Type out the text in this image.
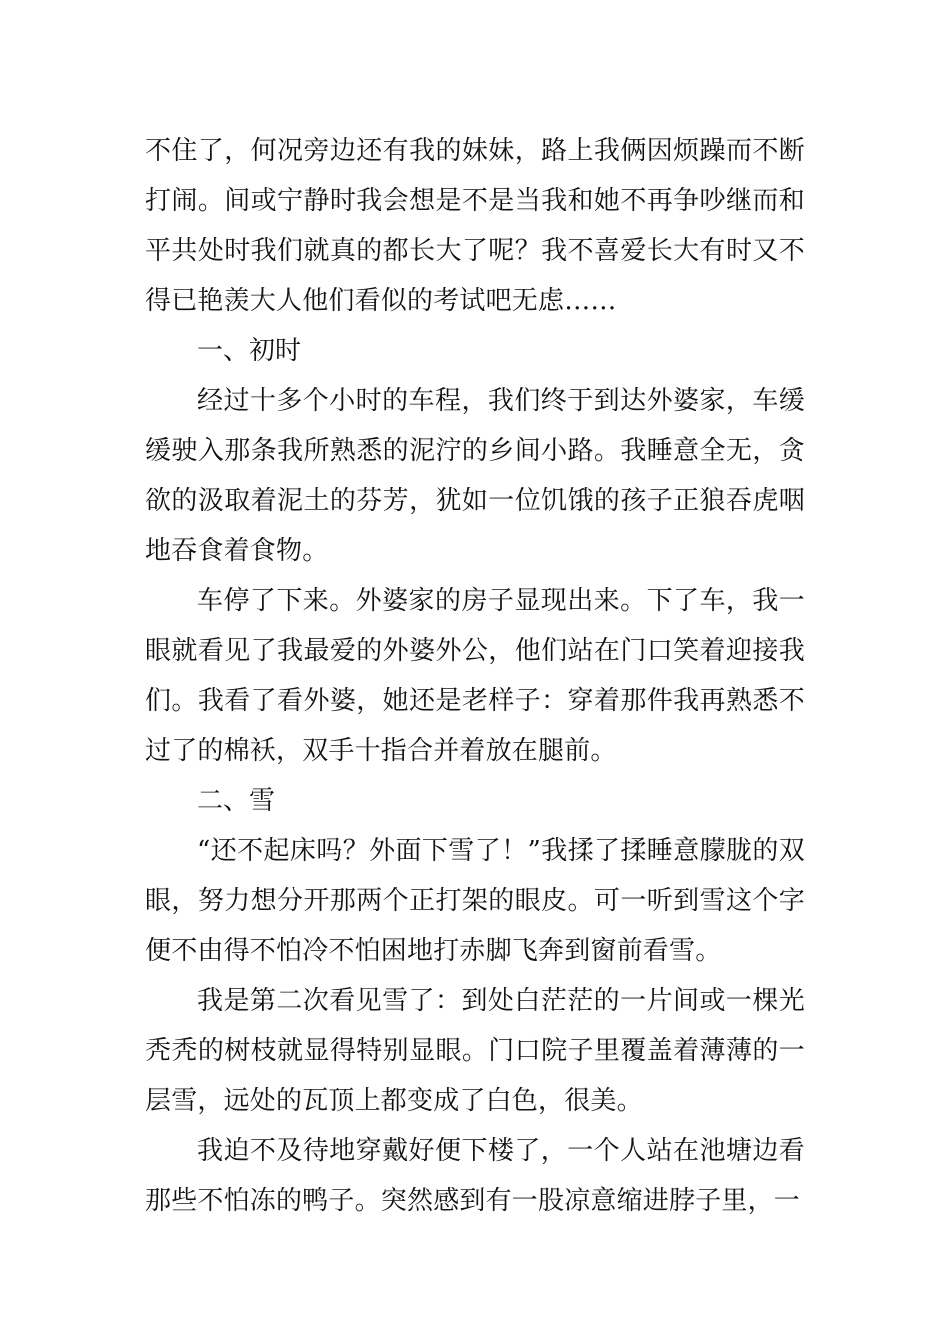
不住了，何况旁边还有我的妹妹，路上我俩因烦躁而不断打闹。间或宁静时我会想是不是当我和她不再争吵继而和平共处时我们就真的都长大了呢？我不喜爱长大有时又不得已艳羡大人他们看似的考试吧无虑……

一、初时

经过十多个小时的车程，我们终于到达外婆家，车缓缓驶入那条我所熟悉的泥泞的乡间小路。我睡意全无，贪欲的汲取着泥土的芬芳，犹如一位饥饿的孩子正狼吞虎咽地吞食着食物。

车停了下来。外婆家的房子显现出来。下了车，我一眼就看见了我最爱的外婆外公，他们站在门口笑着迎接我们。我看了看外婆，她还是老样子：穿着那件我再熟悉不过了的棉袄，双手十指合并着放在腿前。

二、雪

“还不起床吗？外面下雪了！”我揉了揉睡意朦胧的双眼，努力想分开那两个正打架的眼皮。可一听到雪这个字便不由得不怕冷不怕困地打赤脚飞奔到窗前看雪。

我是第二次看见雪了：到处白茫茫的一片间或一棵光秃秃的树枝就显得特别显眼。门口院子里覆盖着薄薄的一层雪，远处的瓦顶上都变成了白色，很美。

我迫不及待地穿戴好便下楼了，一个人站在池塘边看那些不怕冻的鸭子。突然感到有一股凉意缩进脖子里，一
